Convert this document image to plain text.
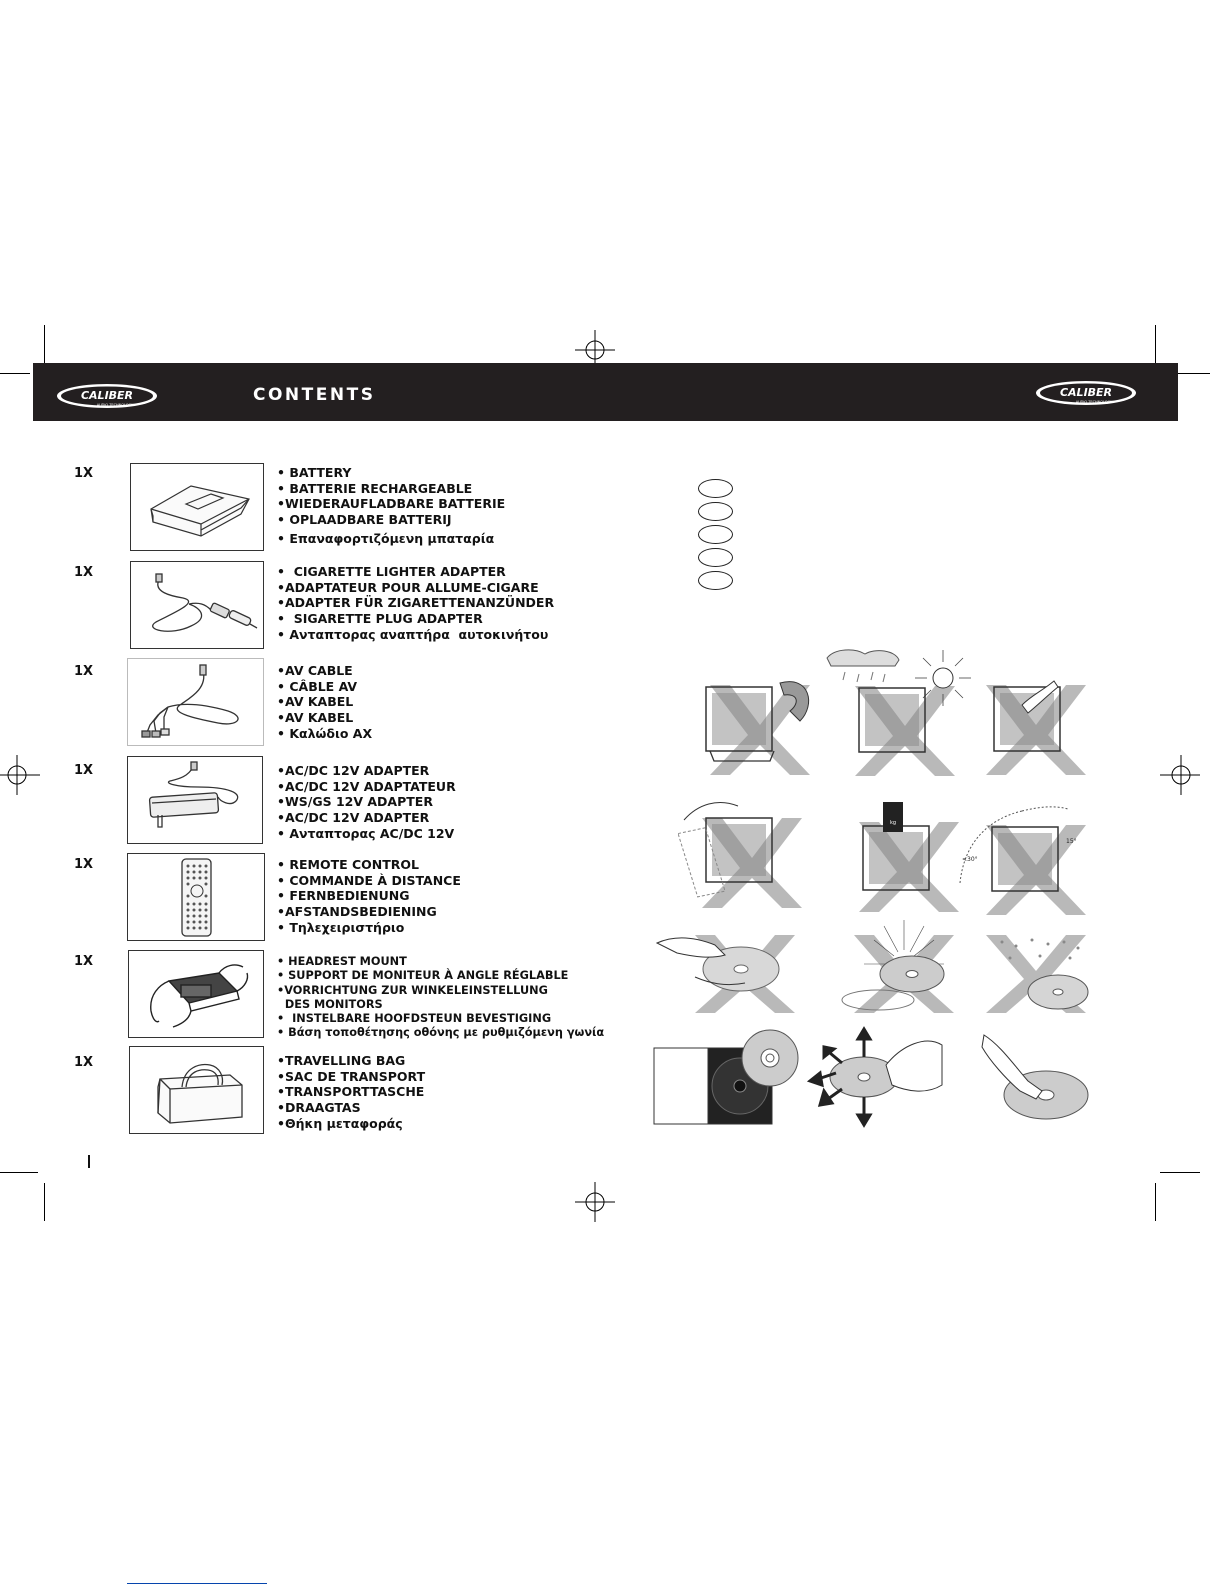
CALIBER
AUDIO TECHNOLOGY
CALIBER
AUDIO TECHNOLOGY
CONTENTS
1X	• BATTERY
• BATTERIE RECHARGEABLE
•WIEDERAUFLADBARE BATTERIE
• OPLAADBARE BATTERIJ
• Επαναφορτιζόμενη μπαταρία
1X	•  CIGARETTE LIGHTER ADAPTER
•ADAPTATEUR POUR ALLUME-CIGARE
•ADAPTER FÜR ZIGARETTENANZÜNDER
•  SIGARETTE PLUG ADAPTER
• Ανταπτορας αναπτήρα  αυτοκινήτου
1X	•AV CABLE
• CÂBLE AV
•AV KABEL
•AV KABEL
• Καλώδιο AX
1X	•AC/DC 12V ADAPTER
•AC/DC 12V ADAPTATEUR
•WS/GS 12V ADAPTER
•AC/DC 12V ADAPTER
• Ανταπτορας AC/DC 12V
1X	• REMOTE CONTROL
• COMMANDE À DISTANCE
• FERNBEDIENUNG
•AFSTANDSBEDIENING
• Τηλεχειριστήριο
1X	• HEADREST MOUNT
• SUPPORT DE MONITEUR À ANGLE RÉGLABLE
•VORRICHTUNG ZUR WINKELEINSTELLUNG
DES MONITORS
•  INSTELBARE HOOFDSTEUN BEVESTIGING
• Βάση τοποθέτησης οθόνης με ρυθμιζόμενη γωνία
1X	•TRAVELLING BAG
•SAC DE TRANSPORT
•TRANSPORTTASCHE
•DRAAGTAS
•Θήκη μεταφοράς
kg
<30°
15°
